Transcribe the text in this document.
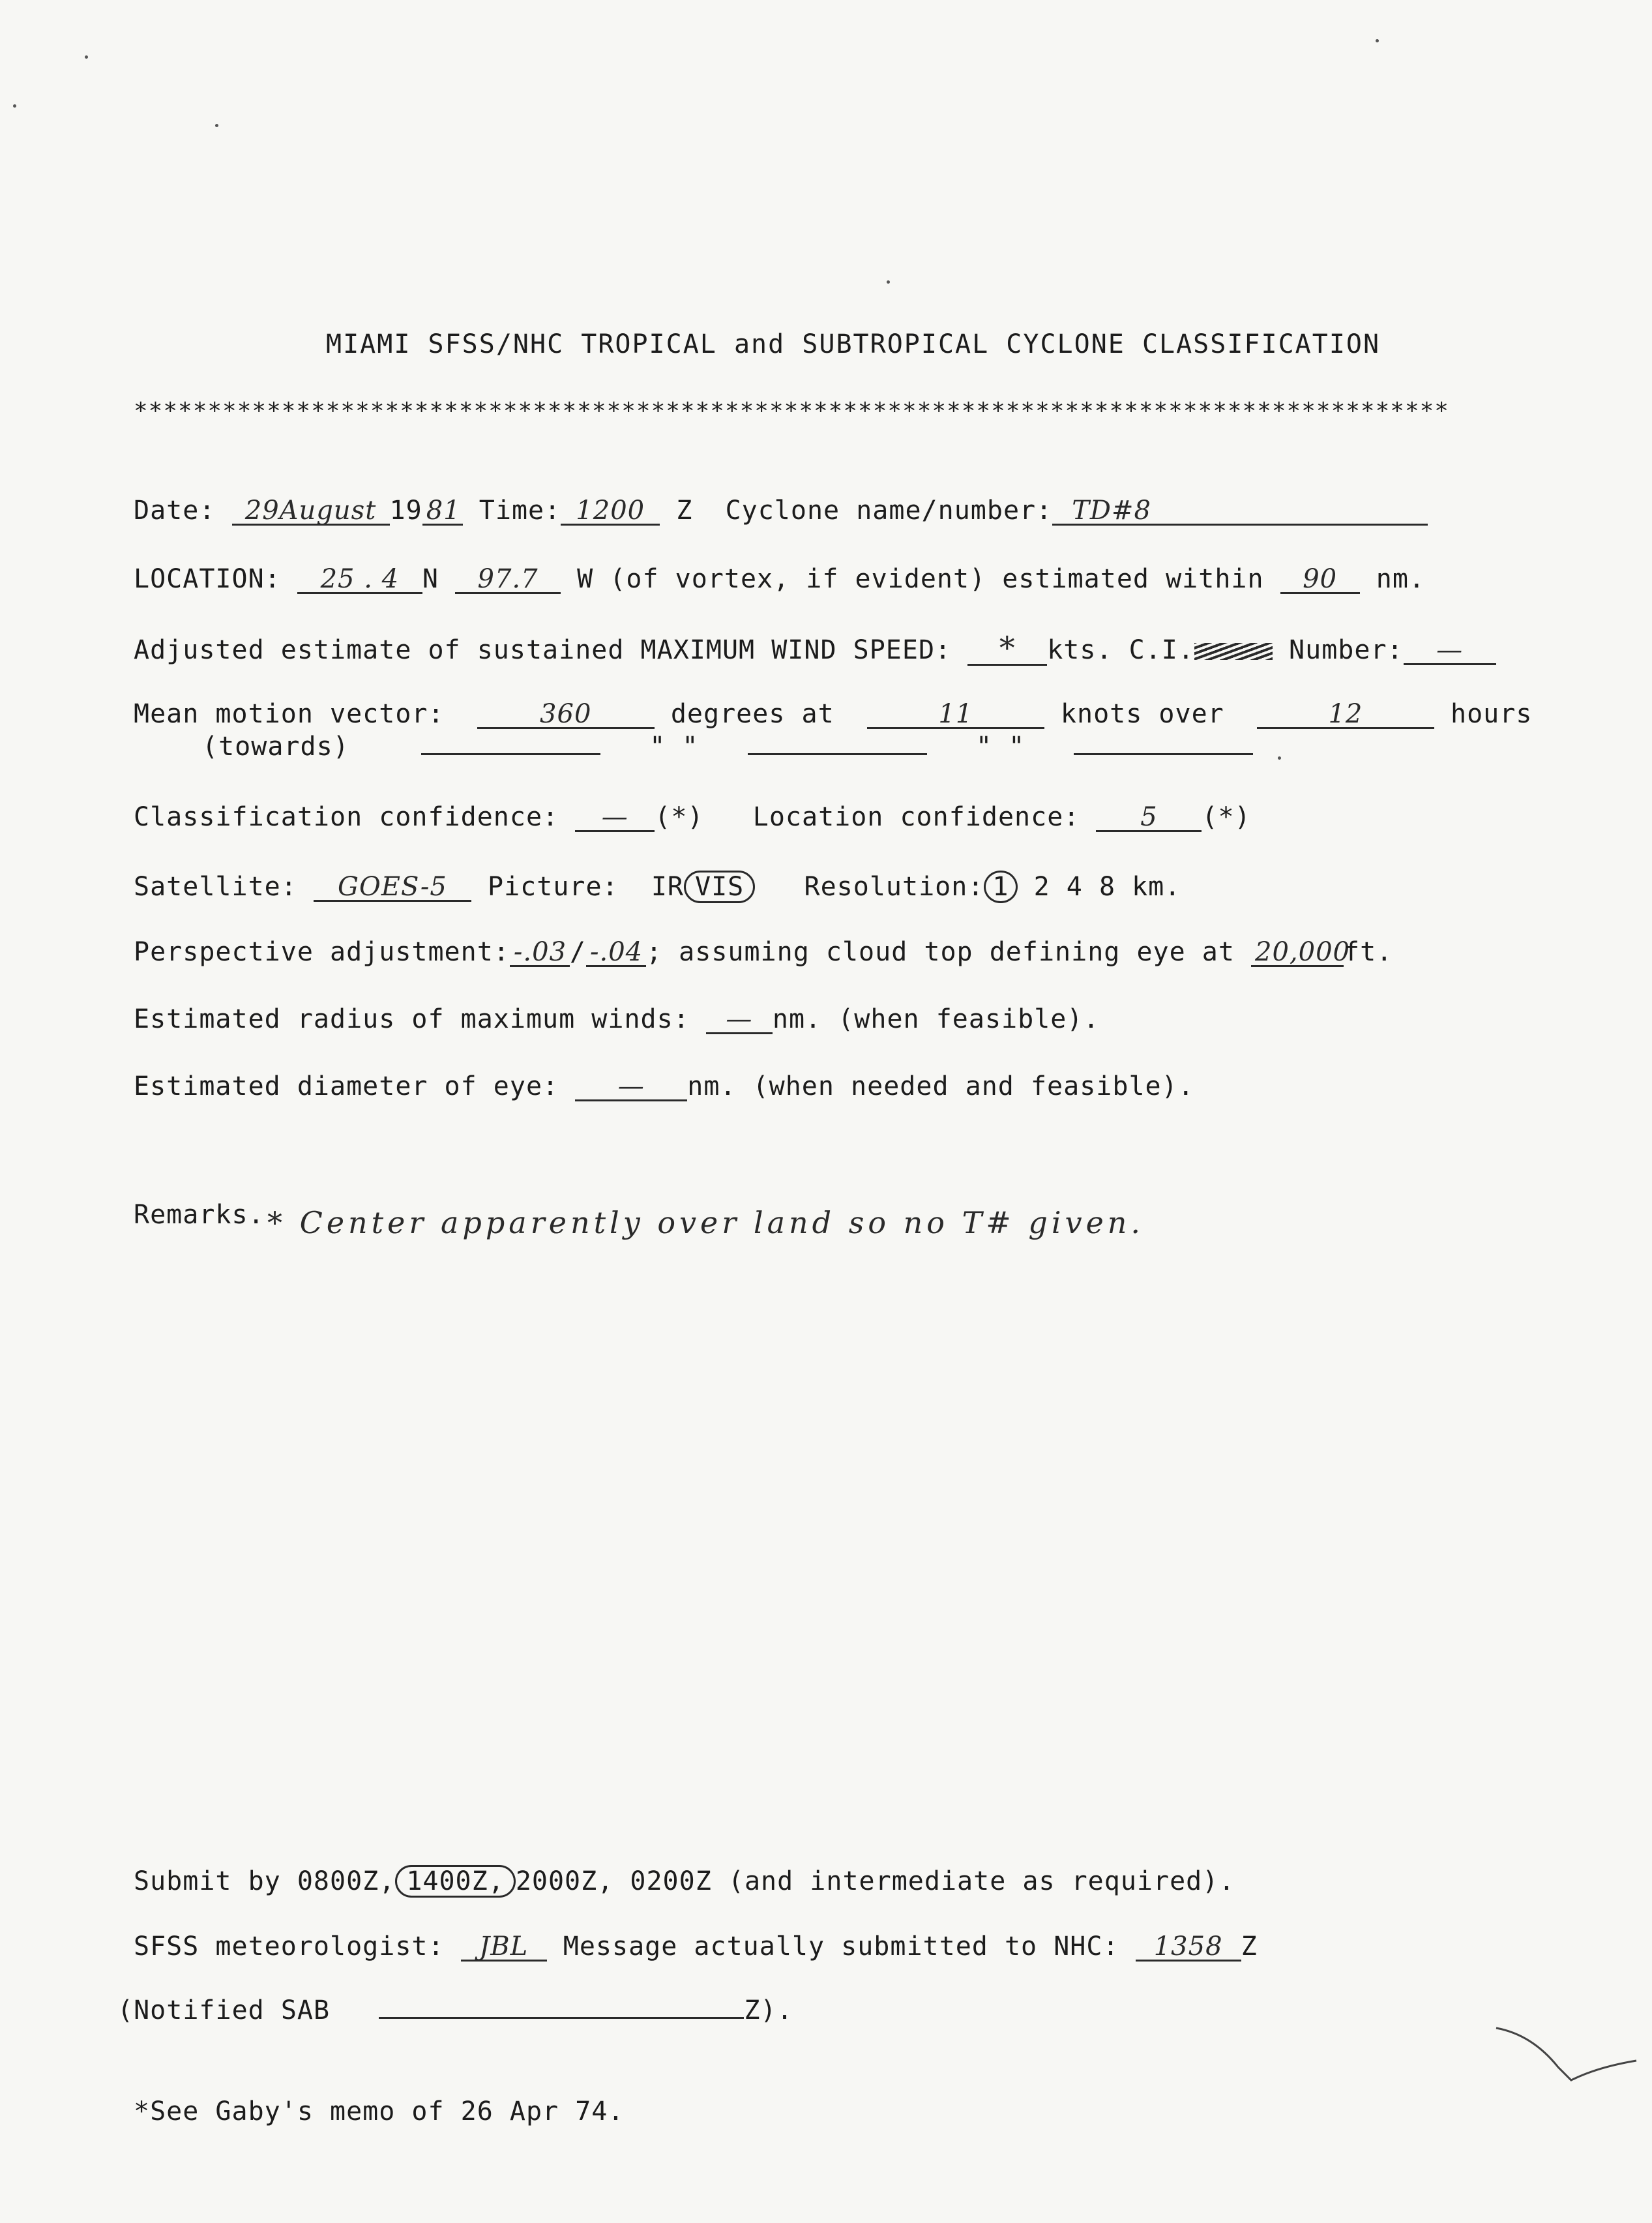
MIAMI SFSS/NHC TROPICAL and SUBTROPICAL CYCLONE CLASSIFICATION
*****************************************************************************************
Date: 29August 19 81 Time: 1200 Z Cyclone name/number: TD#8
LOCATION: 25 . 4 N 97.7 W (of vortex, if evident) estimated within 90 nm.
Adjusted estimate of sustained MAXIMUM WIND SPEED: * kts. C.I.	Number: —
Mean motion vector:	360	degrees at	11	knots over	12	hours
(towards)	" "	" "
Classification confidence: — (*) Location confidence: 5 (*)
Satellite: GOES-5 Picture: IR VIS Resolution: 1 2 4 8 km.
Perspective adjustment: -.03 / -.04 ; assuming cloud top defining eye at 20,000ft.
Estimated radius of maximum winds: — nm. (when feasible).
Estimated diameter of eye: — nm. (when needed and feasible).
Remarks. * Center apparently over land so no T# given.
Submit by 0800Z, 1400Z, 2000Z, 0200Z (and intermediate as required).
SFSS meteorologist: JBL Message actually submitted to NHC: 1358 Z
(Notified SAB	Z).
*See Gaby's memo of 26 Apr 74.
